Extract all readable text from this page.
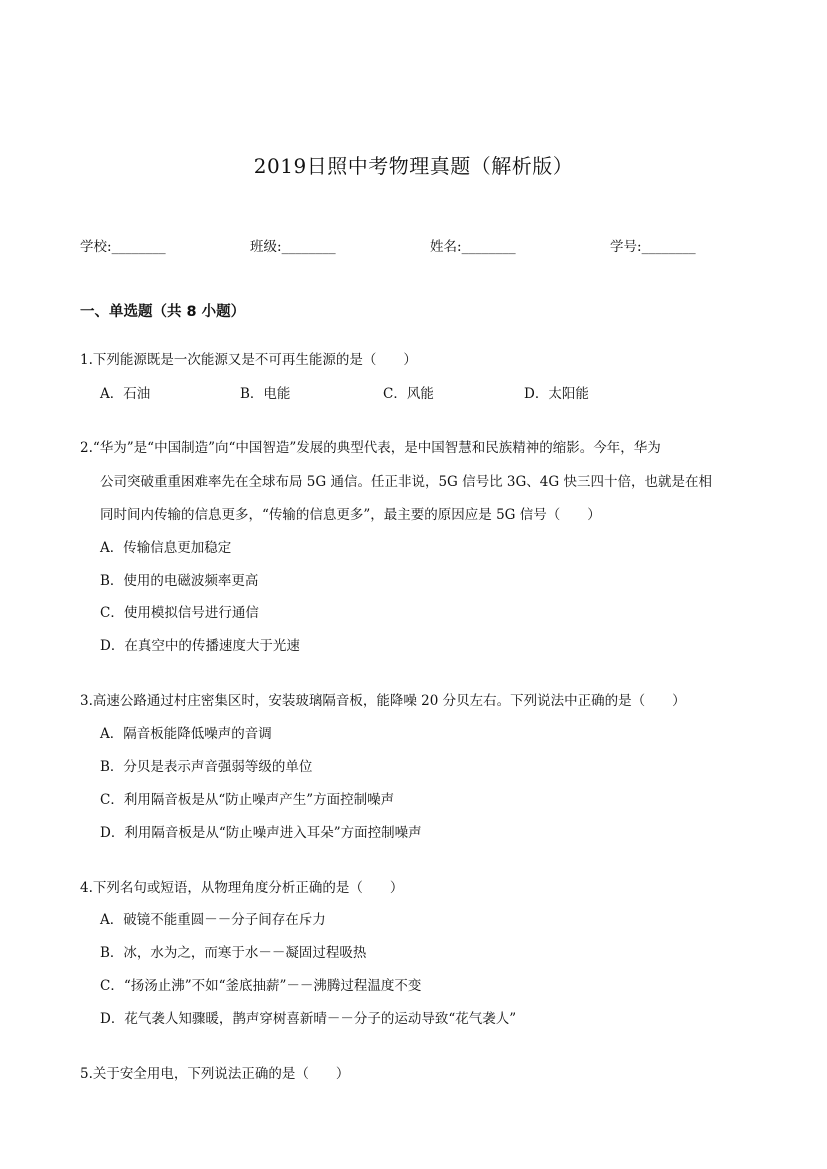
2019日照中考物理真题（解析版）
学校:________	班级:________	姓名:________	学号:________
一、单选题（共 8 小题）
1.下列能源既是一次能源又是不可再生能源的是（　　）
A．石油	B．电能	C．风能	D．太阳能
2.“华为”是“中国制造”向“中国智造”发展的典型代表，是中国智慧和民族精神的缩影。今年，华为
公司突破重重困难率先在全球布局 5G 通信。任正非说，5G 信号比 3G、4G 快三四十倍，也就是在相
同时间内传输的信息更多，“传输的信息更多”，最主要的原因应是 5G 信号（　　）
A．传输信息更加稳定
B．使用的电磁波频率更高
C．使用模拟信号进行通信
D．在真空中的传播速度大于光速
3.高速公路通过村庄密集区时，安装玻璃隔音板，能降噪 20 分贝左右。下列说法中正确的是（　　）
A．隔音板能降低噪声的音调
B．分贝是表示声音强弱等级的单位
C．利用隔音板是从“防止噪声产生”方面控制噪声
D．利用隔音板是从“防止噪声进入耳朵”方面控制噪声
4.下列名句或短语，从物理角度分析正确的是（　　）
A．破镜不能重圆－－分子间存在斥力
B．冰，水为之，而寒于水－－凝固过程吸热
C．“扬汤止沸”不如“釜底抽薪”－－沸腾过程温度不变
D．花气袭人知骤暖，鹊声穿树喜新晴－－分子的运动导致“花气袭人”
5.关于安全用电，下列说法正确的是（　　）
